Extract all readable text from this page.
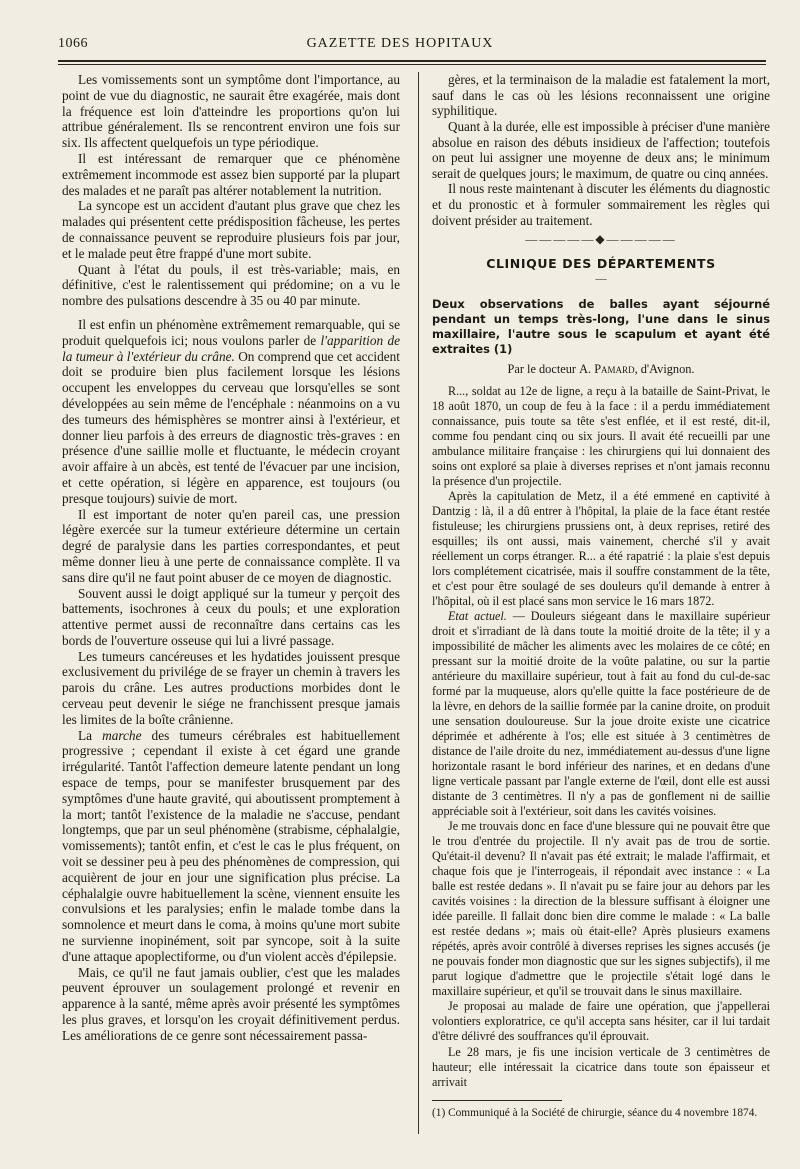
1066	GAZETTE DES HOPITAUX

Les vomissements sont un symptôme dont l'importance, au point de vue du diagnostic, ne saurait être exagérée, mais dont la fréquence est loin d'atteindre les proportions qu'on lui attribue généralement. Ils se rencontrent environ une fois sur six. Ils affectent quelquefois un type périodique.

Il est intéressant de remarquer que ce phénomène extrêmement incommode est assez bien supporté par la plupart des malades et ne paraît pas altérer notablement la nutrition.

La syncope est un accident d'autant plus grave que chez les malades qui présentent cette prédisposition fâcheuse, les pertes de connaissance peuvent se reproduire plusieurs fois par jour, et le malade peut être frappé d'une mort subite.

Quant à l'état du pouls, il est très-variable; mais, en définitive, c'est le ralentissement qui prédomine; on a vu le nombre des pulsations descendre à 35 ou 40 par minute.

Il est enfin un phénomène extrêmement remarquable, qui se produit quelquefois ici; nous voulons parler de l'apparition de la tumeur à l'extérieur du crâne. On comprend que cet accident doit se produire bien plus facilement lorsque les lésions occupent les enveloppes du cerveau que lorsqu'elles se sont développées au sein même de l'encéphale : néanmoins on a vu des tumeurs des hémisphères se montrer ainsi à l'extérieur, et donner lieu parfois à des erreurs de diagnostic très-graves : en présence d'une saillie molle et fluctuante, le médecin croyant avoir affaire à un abcès, est tenté de l'évacuer par une incision, et cette opération, si légère en apparence, est toujours (ou presque toujours) suivie de mort.

Il est important de noter qu'en pareil cas, une pression légère exercée sur la tumeur extérieure détermine un certain degré de paralysie dans les parties correspondantes, et peut même donner lieu à une perte de connaissance complète. Il va sans dire qu'il ne faut point abuser de ce moyen de diagnostic.

Souvent aussi le doigt appliqué sur la tumeur y perçoit des battements, isochrones à ceux du pouls; et une exploration attentive permet aussi de reconnaître dans certains cas les bords de l'ouverture osseuse qui lui a livré passage.

Les tumeurs cancéreuses et les hydatides jouissent presque exclusivement du privilége de se frayer un chemin à travers les parois du crâne. Les autres productions morbides dont le cerveau peut devenir le siége ne franchissent presque jamais les limites de la boîte crânienne.

La marche des tumeurs cérébrales est habituellement progressive ; cependant il existe à cet égard une grande irrégularité. Tantôt l'affection demeure latente pendant un long espace de temps, pour se manifester brusquement par des symptômes d'une haute gravité, qui aboutissent promptement à la mort; tantôt l'existence de la maladie ne s'accuse, pendant longtemps, que par un seul phénomène (strabisme, céphalalgie, vomissements); tantôt enfin, et c'est le cas le plus fréquent, on voit se dessiner peu à peu des phénomènes de compression, qui acquièrent de jour en jour une signification plus précise. La céphalalgie ouvre habituellement la scène, viennent ensuite les convulsions et les paralysies; enfin le malade tombe dans la somnolence et meurt dans le coma, à moins qu'une mort subite ne survienne inopinément, soit par syncope, soit à la suite d'une attaque apoplectiforme, ou d'un violent accès d'épilepsie.

Mais, ce qu'il ne faut jamais oublier, c'est que les malades peuvent éprouver un soulagement prolongé et revenir en apparence à la santé, même après avoir présenté les symptômes les plus graves, et lorsqu'on les croyait définitivement perdus. Les améliorations de ce genre sont nécessairement passa-

gères, et la terminaison de la maladie est fatalement la mort, sauf dans le cas où les lésions reconnaissent une origine syphilitique.

Quant à la durée, elle est impossible à préciser d'une manière absolue en raison des débuts insidieux de l'affection; toutefois on peut lui assigner une moyenne de deux ans; le minimum serait de quelques jours; le maximum, de quatre ou cinq années.

Il nous reste maintenant à discuter les éléments du diagnostic et du pronostic et à formuler sommairement les règles qui doivent présider au traitement.

—————◆—————
CLINIQUE DES DÉPARTEMENTS
—
Deux observations de balles ayant séjourné pendant un temps très-long, l'une dans le sinus maxillaire, l'autre sous le scapulum et ayant été extraites (1)
Par le docteur A. Pamard, d'Avignon.

R..., soldat au 12e de ligne, a reçu à la bataille de Saint-Privat, le 18 août 1870, un coup de feu à la face : il a perdu immédiatement connaissance, puis toute sa tête s'est enflée, et il est resté, dit-il, comme fou pendant cinq ou six jours. Il avait été recueilli par une ambulance militaire française : les chirurgiens qui lui donnaient des soins ont exploré sa plaie à diverses reprises et n'ont jamais reconnu la présence d'un projectile.

Après la capitulation de Metz, il a été emmené en captivité à Dantzig : là, il a dû entrer à l'hôpital, la plaie de la face étant restée fistuleuse; les chirurgiens prussiens ont, à deux reprises, retiré des esquilles; ils ont aussi, mais vainement, cherché s'il y avait réellement un corps étranger. R... a été rapatrié : la plaie s'est depuis lors complétement cicatrisée, mais il souffre constamment de la tête, et c'est pour être soulagé de ses douleurs qu'il demande à entrer à l'hôpital, où il est placé sans mon service le 16 mars 1872.

Etat actuel. — Douleurs siégeant dans le maxillaire supérieur droit et s'irradiant de là dans toute la moitié droite de la tête; il y a impossibilité de mâcher les aliments avec les molaires de ce côté; en pressant sur la moitié droite de la voûte palatine, ou sur la partie antérieure du maxillaire supérieur, tout à fait au fond du cul-de-sac formé par la muqueuse, alors qu'elle quitte la face postérieure de de la lèvre, en dehors de la saillie formée par la canine droite, on produit une sensation douloureuse. Sur la joue droite existe une cicatrice déprimée et adhérente à l'os; elle est située à 3 centimètres de distance de l'aile droite du nez, immédiatement au-dessus d'une ligne horizontale rasant le bord inférieur des narines, et en dedans d'une ligne verticale passant par l'angle externe de l'œil, dont elle est aussi distante de 3 centimètres. Il n'y a pas de gonflement ni de saillie appréciable soit à l'extérieur, soit dans les cavités voisines.

Je me trouvais donc en face d'une blessure qui ne pouvait être que le trou d'entrée du projectile. Il n'y avait pas de trou de sortie. Qu'était-il devenu? Il n'avait pas été extrait; le malade l'affirmait, et chaque fois que je l'interrogeais, il répondait avec instance : « La balle est restée dedans ». Il n'avait pu se faire jour au dehors par les cavités voisines : la direction de la blessure suffisant à éloigner une idée pareille. Il fallait donc bien dire comme le malade : « La balle est restée dedans »; mais où était-elle? Après plusieurs examens répétés, après avoir contrôlé à diverses reprises les signes accusés (je ne pouvais fonder mon diagnostic que sur les signes subjectifs), il me parut logique d'admettre que le projectile s'était logé dans le maxillaire supérieur, et qu'il se trouvait dans le sinus maxillaire.

Je proposai au malade de faire une opération, que j'appellerai volontiers exploratrice, ce qu'il accepta sans hésiter, car il lui tardait d'être délivré des souffrances qu'il éprouvait.

Le 28 mars, je fis une incision verticale de 3 centimètres de hauteur; elle intéressait la cicatrice dans toute son épaisseur et arrivait

(1) Communiqué à la Société de chirurgie, séance du 4 novembre 1874.
